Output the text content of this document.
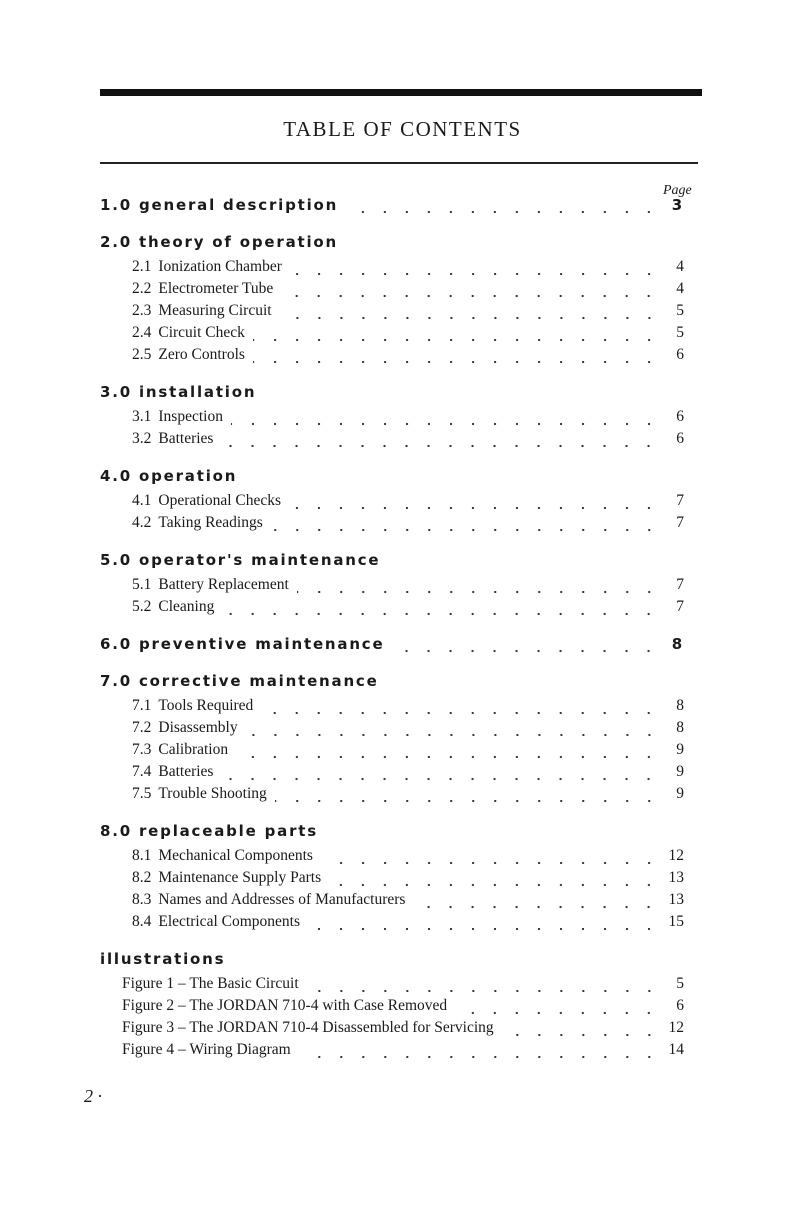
TABLE OF CONTENTS
Page
1.0 general description	3
2.0 theory of operation
2.1 Ionization Chamber	4
2.2 Electrometer Tube	4
2.3 Measuring Circuit	5
2.4 Circuit Check	5
2.5 Zero Controls	6
3.0 installation
3.1 Inspection	6
3.2 Batteries	6
4.0 operation
4.1 Operational Checks	7
4.2 Taking Readings	7
5.0 operator's maintenance
5.1 Battery Replacement	7
5.2 Cleaning	7
6.0 preventive maintenance	8
7.0 corrective maintenance
7.1 Tools Required	8
7.2 Disassembly	8
7.3 Calibration	9
7.4 Batteries	9
7.5 Trouble Shooting	9
8.0 replaceable parts
8.1 Mechanical Components	12
8.2 Maintenance Supply Parts	13
8.3 Names and Addresses of Manufacturers	13
8.4 Electrical Components	15
illustrations
Figure 1 – The Basic Circuit	5
Figure 2 – The JORDAN 710-4 with Case Removed	6
Figure 3 – The JORDAN 710-4 Disassembled for Servicing	12
Figure 4 – Wiring Diagram	14
2 ·
